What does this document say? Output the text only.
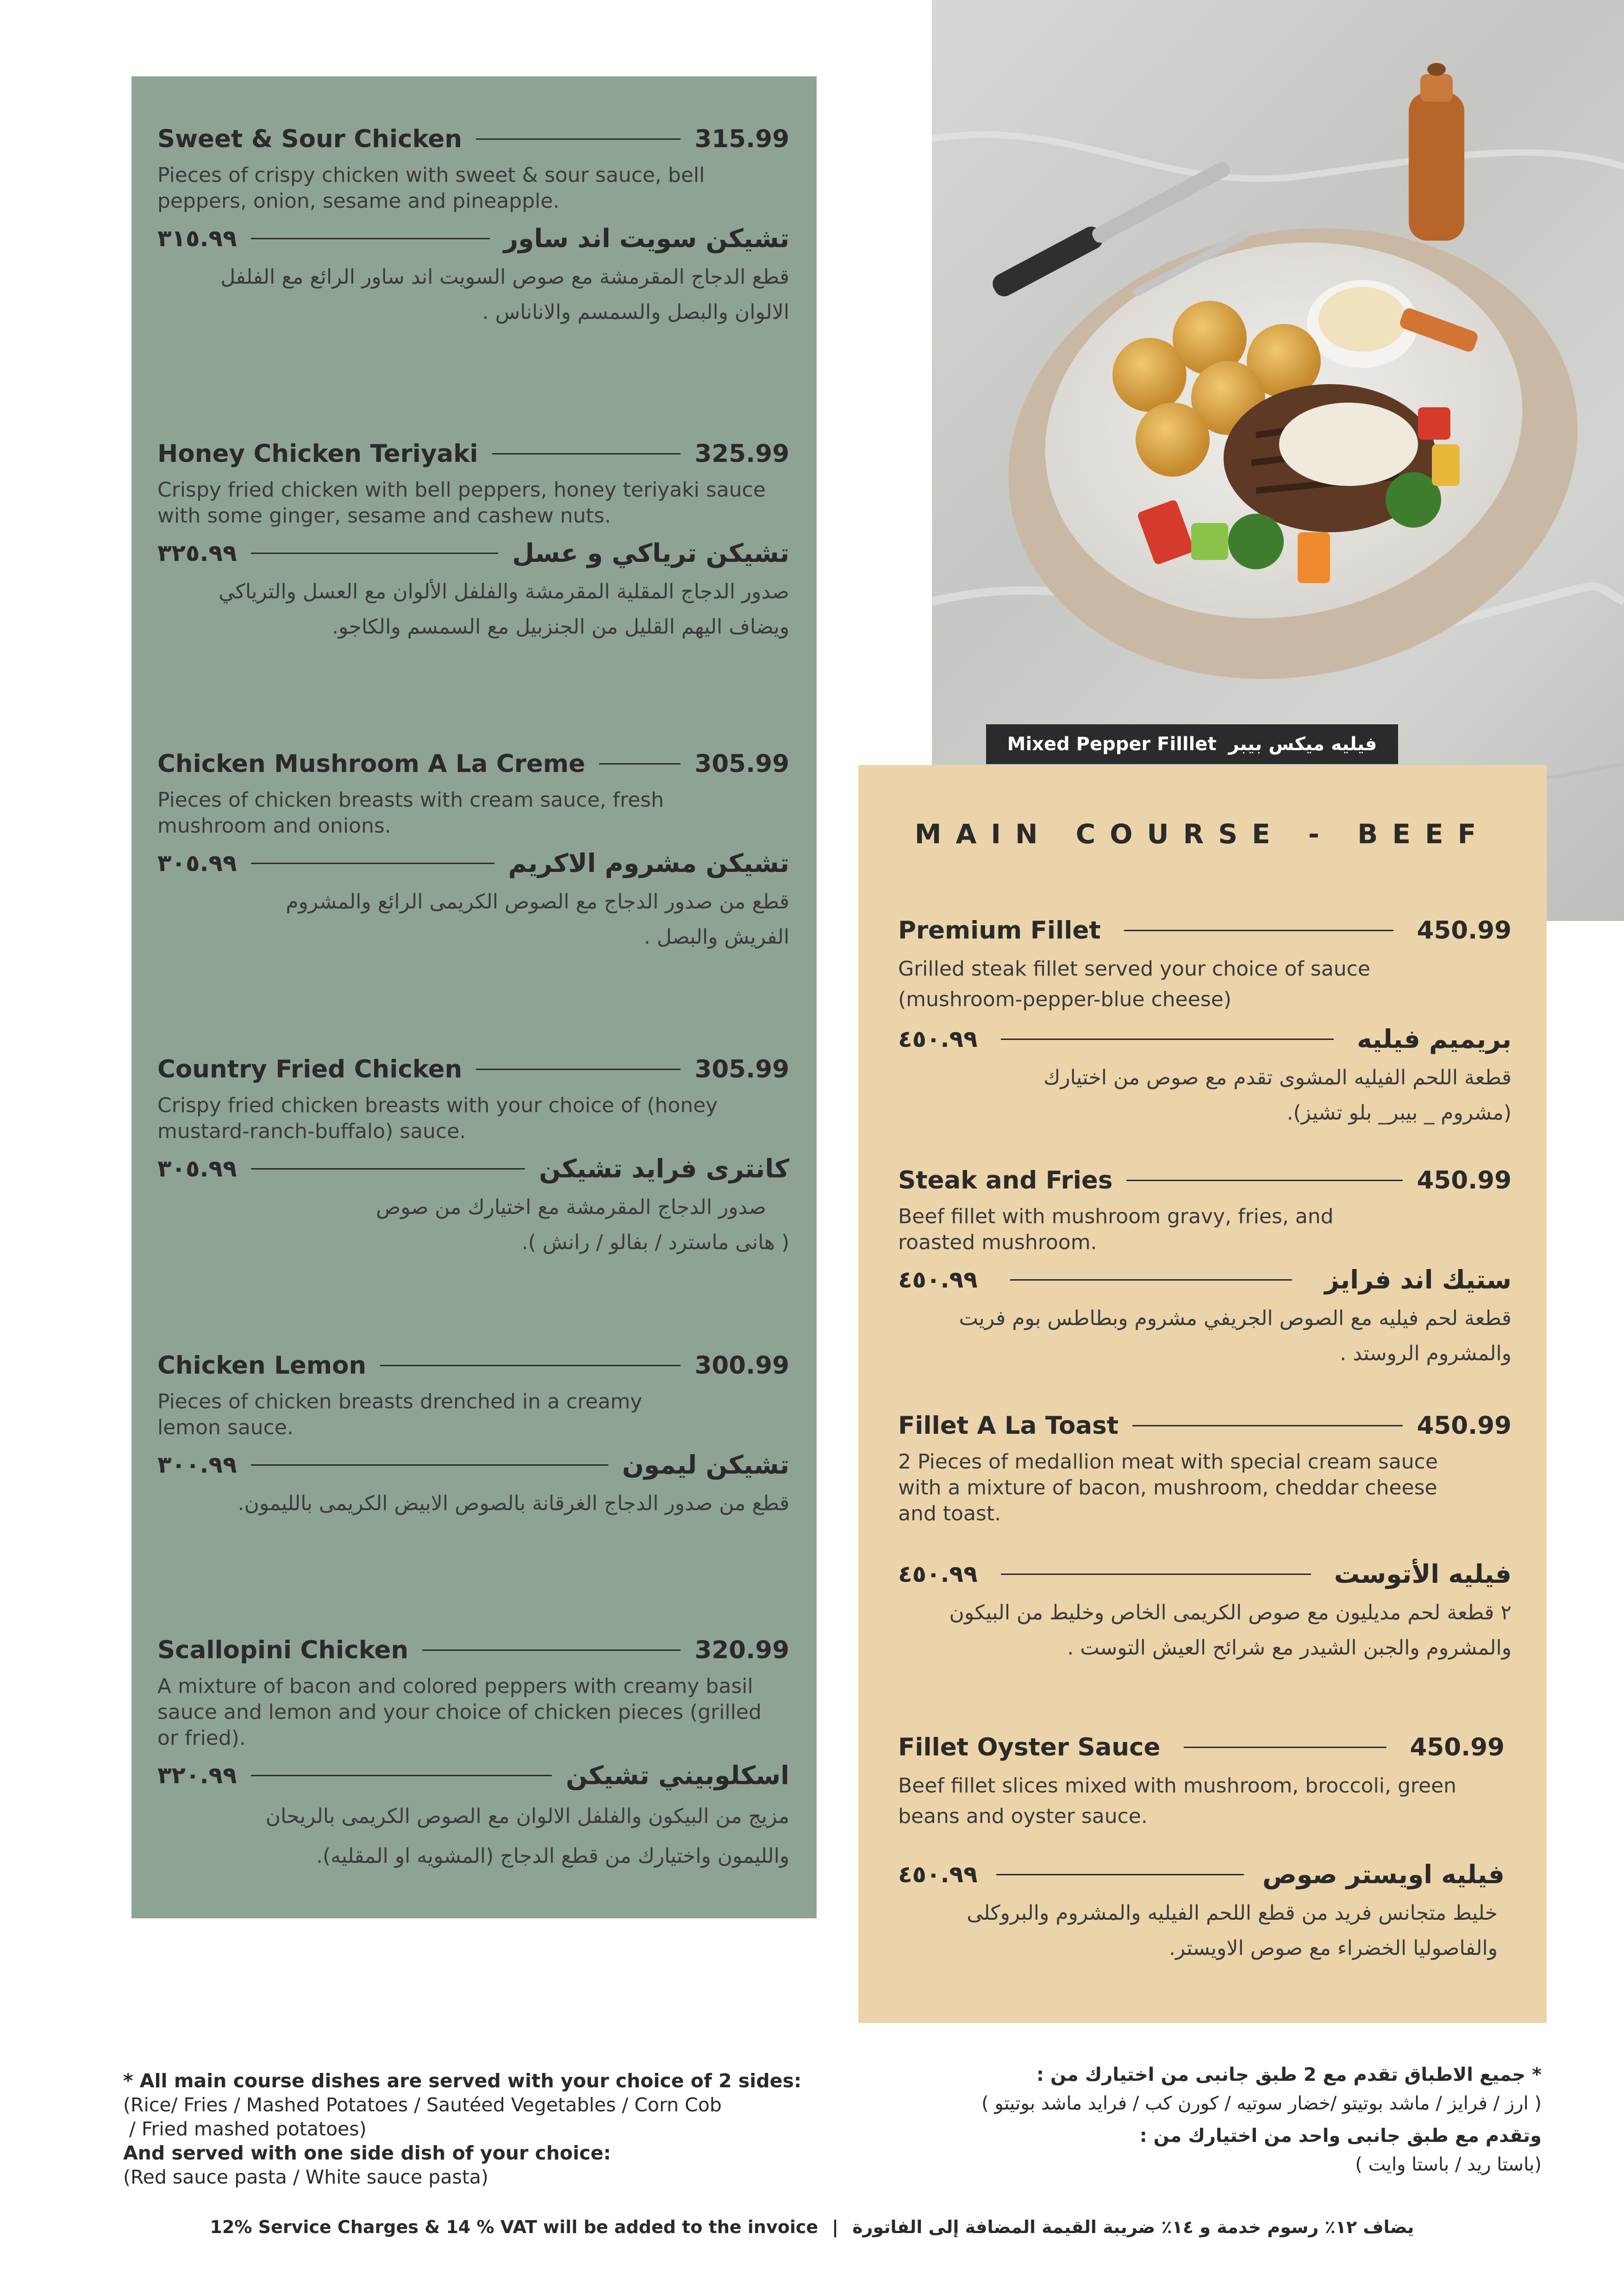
Mixed Pepper Filllet فيليه ميكس بيبر
Sweet & Sour Chicken	315.99
Pieces of crispy chicken with sweet & sour sauce, bell peppers, onion, sesame and pineapple.
٣١٥.٩٩	تشيكن سويت اند ساور
قطع الدجاج المقرمشة مع صوص السويت اند ساور الرائع مع الفلفل
الالوان والبصل والسمسم والاناناس .
Honey Chicken Teriyaki	325.99
Crispy fried chicken with bell peppers, honey teriyaki sauce with some ginger, sesame and cashew nuts.
٣٢٥.٩٩	تشيكن ترياكي و عسل
صدور الدجاج المقلية المقرمشة والفلفل الألوان مع العسل والترياكي
ويضاف اليهم القليل من الجنزبيل مع السمسم والكاجو.
Chicken Mushroom A La Creme	305.99
Pieces of chicken breasts with cream sauce, fresh mushroom and onions.
٣٠٥.٩٩	تشيكن مشروم الاكريم
قطع من صدور الدجاج مع الصوص الكريمى الرائع والمشروم
الفريش والبصل .
Country Fried Chicken	305.99
Crispy fried chicken breasts with your choice of (honey mustard-ranch-buffalo) sauce.
٣٠٥.٩٩	كانترى فرايد تشيكن
صدور الدجاج المقرمشة مع اختيارك من صوص
( هانى ماسترد / بفالو / رانش ).
Chicken Lemon	300.99
Pieces of chicken breasts drenched in a creamy lemon sauce.
٣٠٠.٩٩	تشيكن ليمون
قطع من صدور الدجاج الغرقانة بالصوص الابيض الكريمى بالليمون.
Scallopini Chicken	320.99
A mixture of bacon and colored peppers with creamy basil sauce and lemon and your choice of chicken pieces (grilled or fried).
٣٢٠.٩٩	اسكلوبيني تشيكن
مزيج من البيكون والفلفل الالوان مع الصوص الكريمى بالريحان
والليمون واختيارك من قطع الدجاج (المشويه او المقليه).
MAIN COURSE - BEEF
Premium Fillet	450.99
Grilled steak fillet served your choice of sauce (mushroom-pepper-blue cheese)
٤٥٠.٩٩	بريميم فيليه
قطعة اللحم الفيليه المشوى تقدم مع صوص من اختيارك
(مشروم _ بيبر_ بلو تشيز).
Steak and Fries	450.99
Beef fillet with mushroom gravy, fries, and roasted mushroom.
٤٥٠.٩٩	ستيك اند فرايز
قطعة لحم فيليه مع الصوص الجريفي مشروم وبطاطس بوم فريت
والمشروم الروستد .
Fillet A La Toast	450.99
2 Pieces of medallion meat with special cream sauce with a mixture of bacon, mushroom, cheddar cheese and toast.
٤٥٠.٩٩	فيليه الأتوست
٢ قطعة لحم مديليون مع صوص الكريمى الخاص وخليط من البيكون
والمشروم والجبن الشيدر مع شرائح العيش التوست .
Fillet Oyster Sauce	450.99
Beef fillet slices mixed with mushroom, broccoli, green beans and oyster sauce.
٤٥٠.٩٩	فيليه اويستر صوص
خليط متجانس فريد من قطع اللحم الفيليه والمشروم والبروكلى
والفاصوليا الخضراء مع صوص الاويستر.
* All main course dishes are served with your choice of 2 sides:
(Rice/ Fries / Mashed Potatoes / Sautéed Vegetables / Corn Cob
/ Fried mashed potatoes)
And served with one side dish of your choice:
(Red sauce pasta / White sauce pasta)

* جميع الاطباق تقدم مع 2 طبق جانبى من اختيارك من :

( ارز / فرايز / ماشد بوتيتو /خضار سوتيه / كورن كب / فرايد ماشد بوتيتو )

وتقدم مع طبق جانبى واحد من اختيارك من :

(باستا ريد / باستا وايت )

12% Service Charges & 14 % VAT will be added to the invoice | يضاف ١٢٪ رسوم خدمة و ١٤٪ ضريبة القيمة المضافة إلى الفاتورة
